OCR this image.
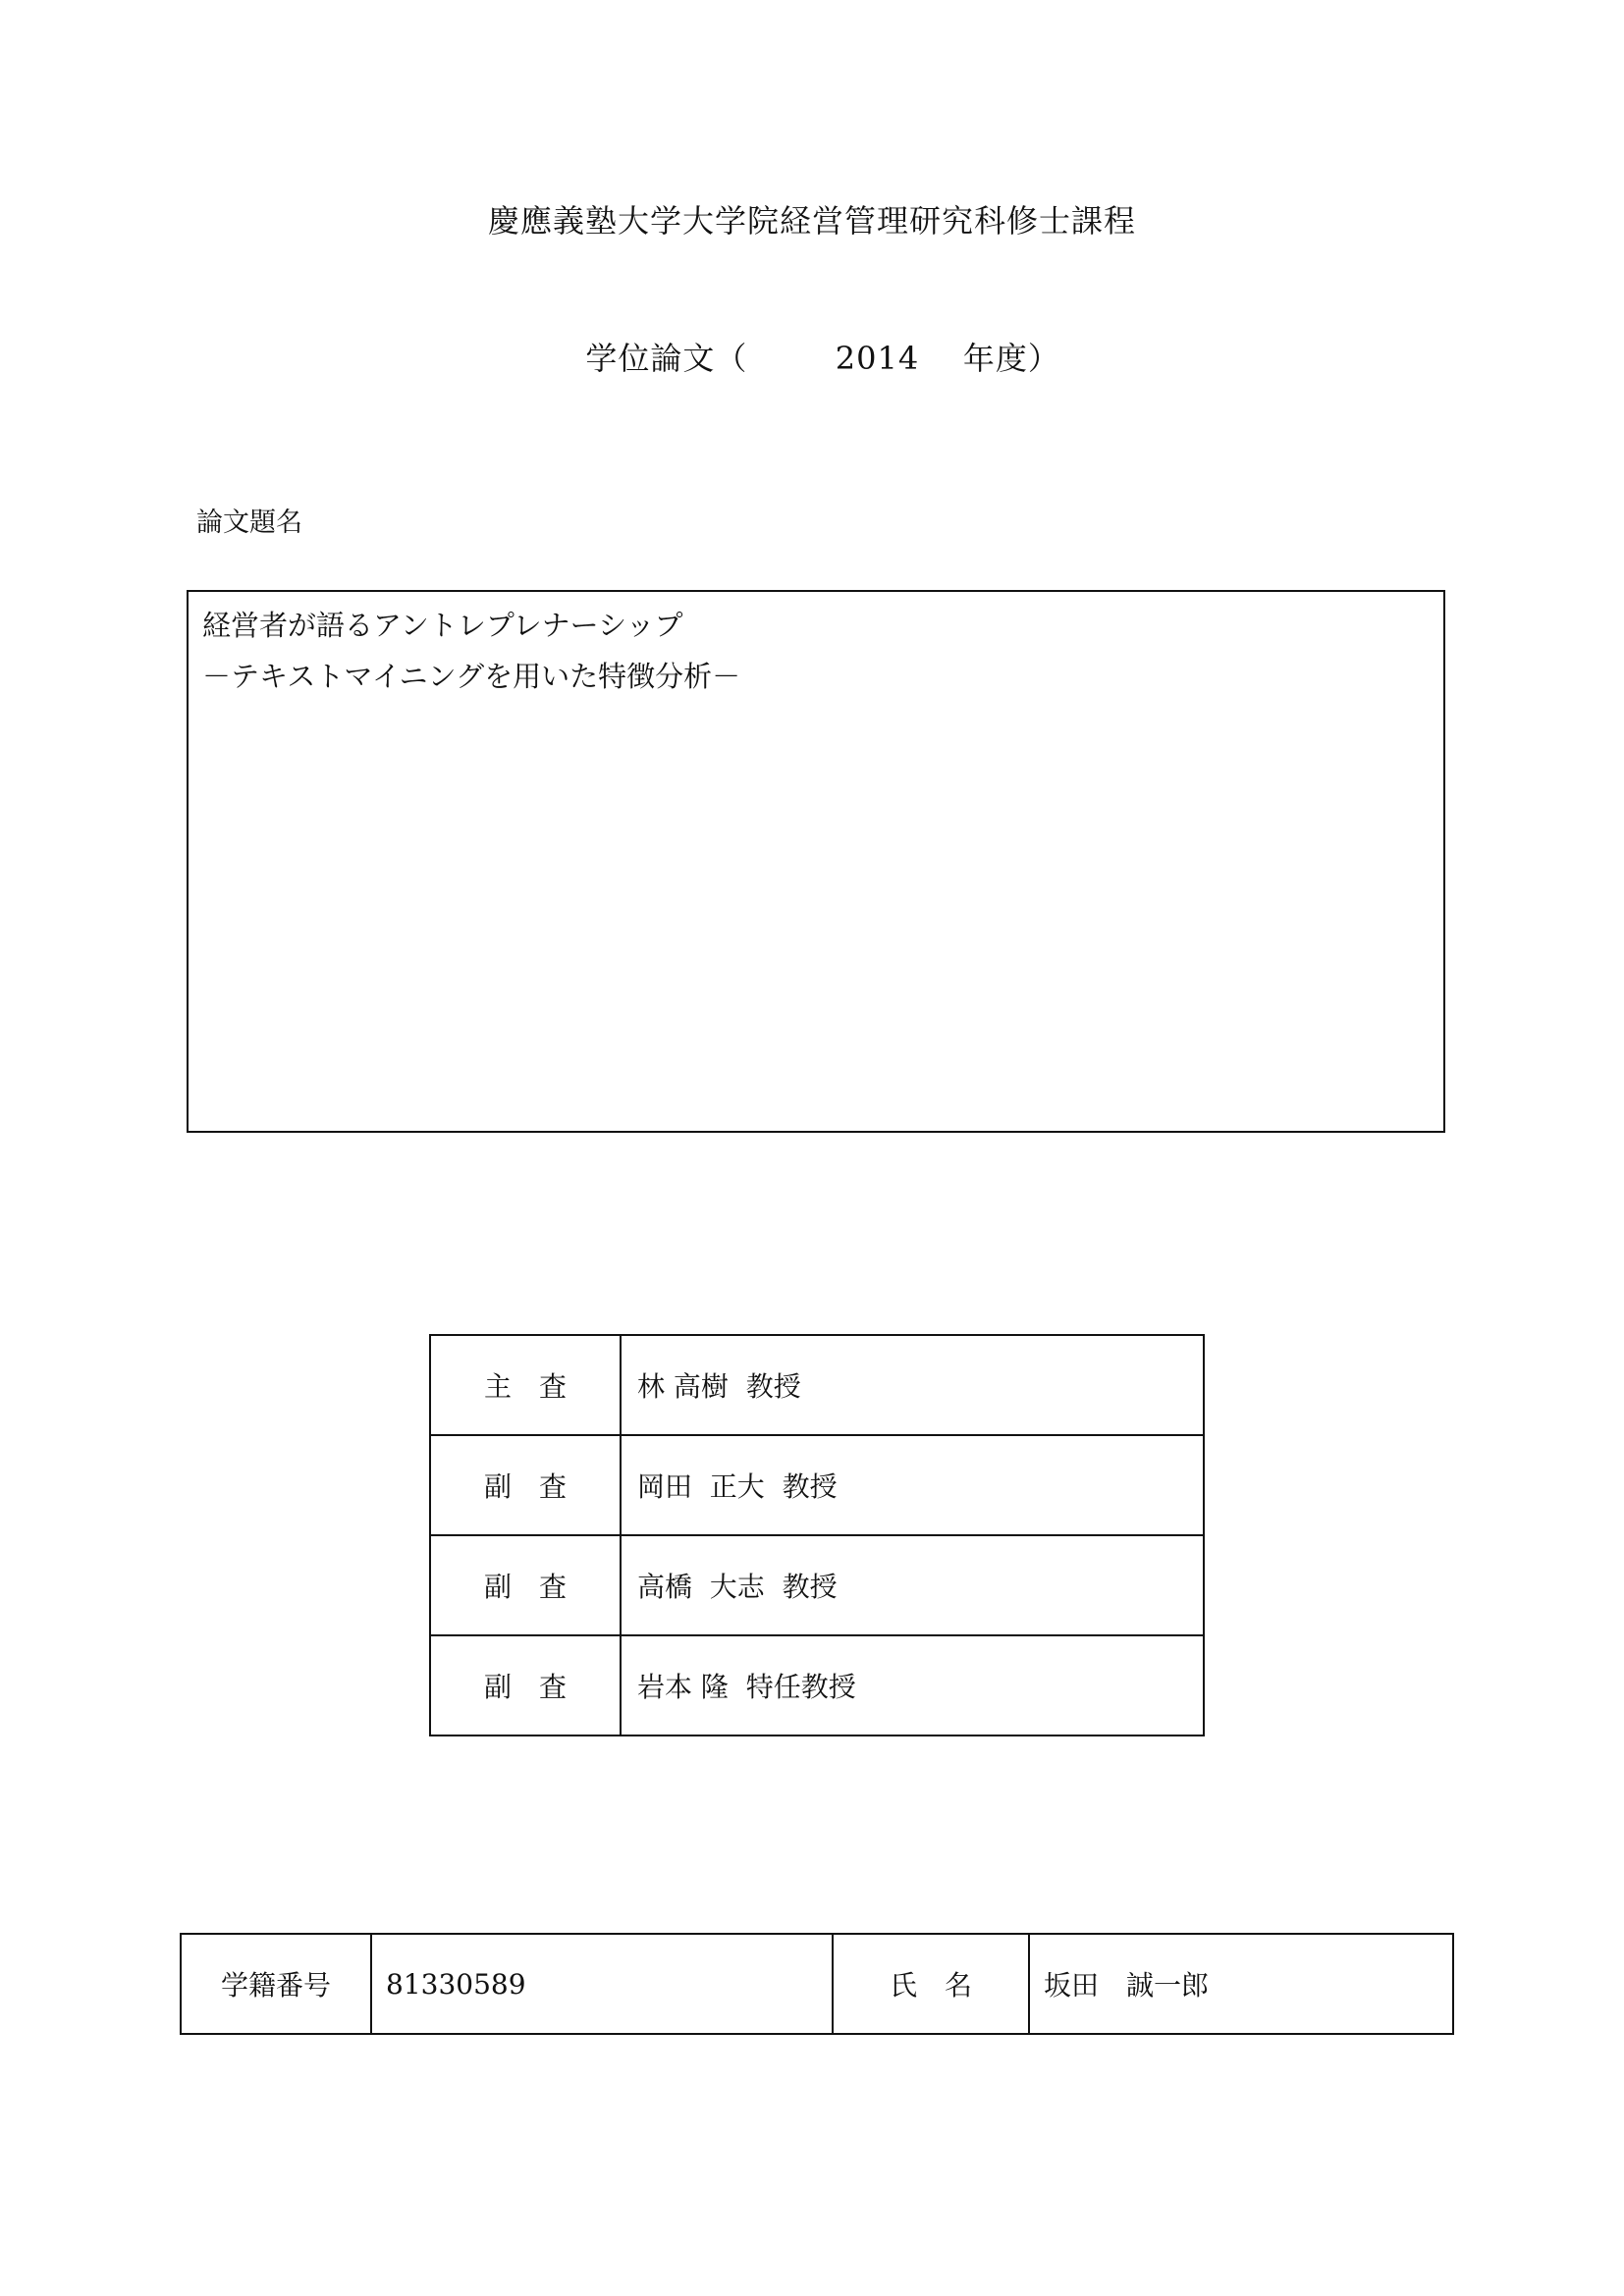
慶應義塾大学大学院経営管理研究科修士課程

学位論文（	2014 年度）

論文題名
経営者が語るアントレプレナーシップ
－テキストマイニングを用いた特徴分析－
主　査	林 高樹  教授
副　査	岡田  正大  教授
副　査	高橋  大志  教授
副　査	岩本 隆  特任教授
学籍番号	81330589	氏　名	坂田　誠一郎
